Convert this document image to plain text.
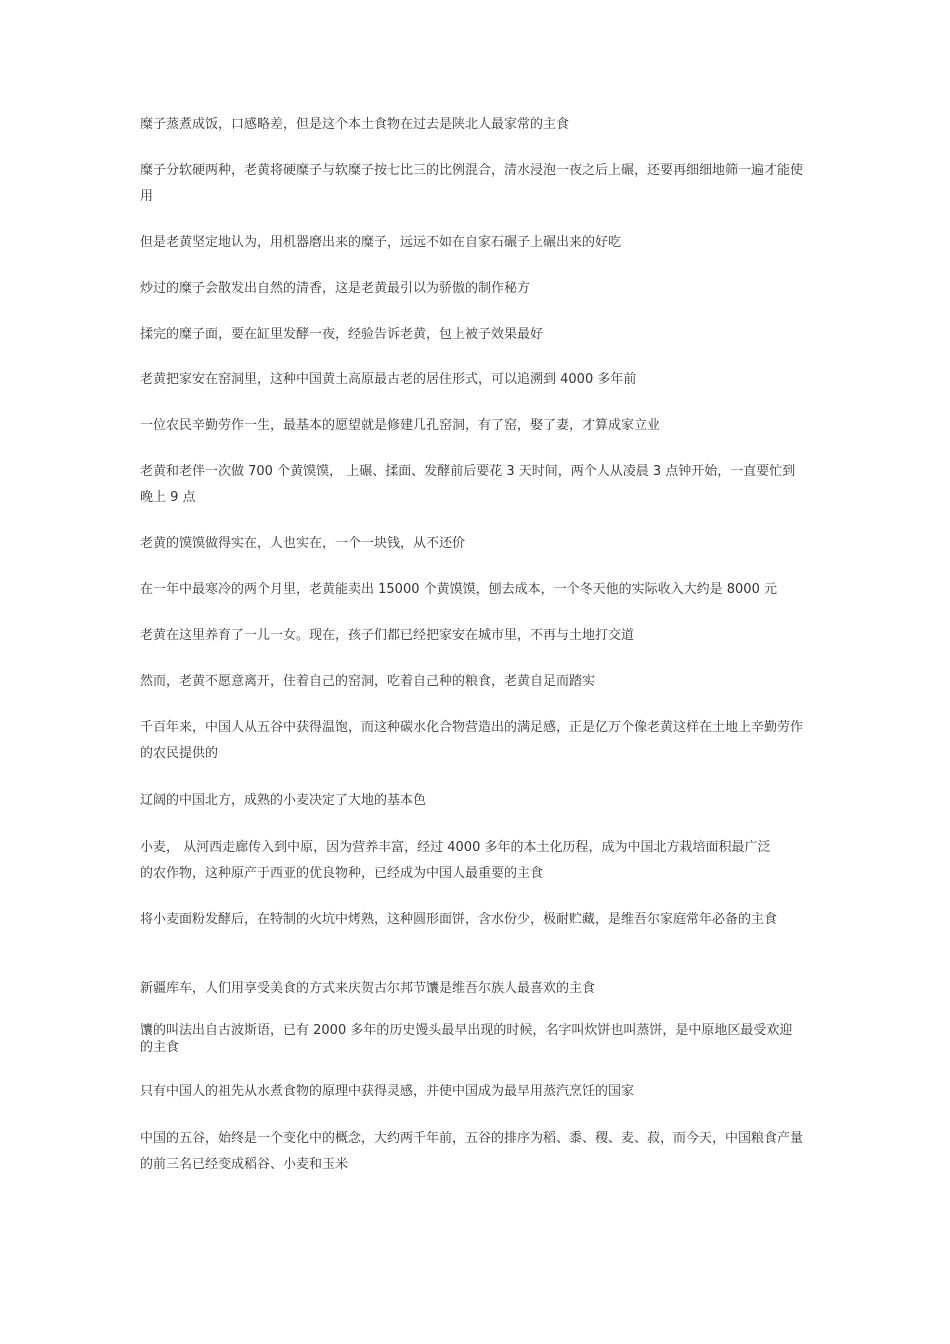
糜子蒸煮成饭，口感略差，但是这个本土食物在过去是陕北人最家常的主食

糜子分软硬两种，老黄将硬糜子与软糜子按七比三的比例混合，清水浸泡一夜之后上碾，还要再细细地筛一遍才能使用

但是老黄坚定地认为，用机器磨出来的糜子，远远不如在自家石碾子上碾出来的好吃

炒过的糜子会散发出自然的清香，这是老黄最引以为骄傲的制作秘方

揉完的糜子面，要在缸里发酵一夜，经验告诉老黄，包上被子效果最好

老黄把家安在窑洞里，这种中国黄土高原最古老的居住形式，可以追溯到 4000 多年前

一位农民辛勤劳作一生，最基本的愿望就是修建几孔窑洞，有了窑，娶了妻，才算成家立业

老黄和老伴一次做 700 个黄馍馍， 上碾、揉面、发酵前后要花 3 天时间，两个人从凌晨 3 点钟开始，一直要忙到晚上 9 点

老黄的馍馍做得实在，人也实在，一个一块钱，从不还价

在一年中最寒冷的两个月里，老黄能卖出 15000 个黄馍馍，刨去成本，一个冬天他的实际收入大约是 8000 元

老黄在这里养育了一儿一女。现在，孩子们都已经把家安在城市里，不再与土地打交道

然而，老黄不愿意离开，住着自己的窑洞，吃着自己种的粮食，老黄自足而踏实

千百年来，中国人从五谷中获得温饱，而这种碳水化合物营造出的满足感，正是亿万个像老黄这样在土地上辛勤劳作的农民提供的

辽阔的中国北方，成熟的小麦决定了大地的基本色

小麦， 从河西走廊传入到中原，因为营养丰富，经过 4000 多年的本土化历程，成为中国北方栽培面积最广泛的农作物，这种原产于西亚的优良物种，已经成为中国人最重要的主食

将小麦面粉发酵后，在特制的火坑中烤熟，这种圆形面饼，含水份少，极耐贮藏，是维吾尔家庭常年必备的主食

新疆库车，人们用享受美食的方式来庆贺古尔邦节馕是维吾尔族人最喜欢的主食

馕的叫法出自古波斯语，已有 2000 多年的历史馒头最早出现的时候，名字叫炊饼也叫蒸饼，是中原地区最受欢迎的主食

只有中国人的祖先从水煮食物的原理中获得灵感，并使中国成为最早用蒸汽烹饪的国家

中国的五谷，始终是一个变化中的概念，大约两千年前，五谷的排序为稻、黍、稷、麦、菽，而今天，中国粮食产量的前三名已经变成稻谷、小麦和玉米
